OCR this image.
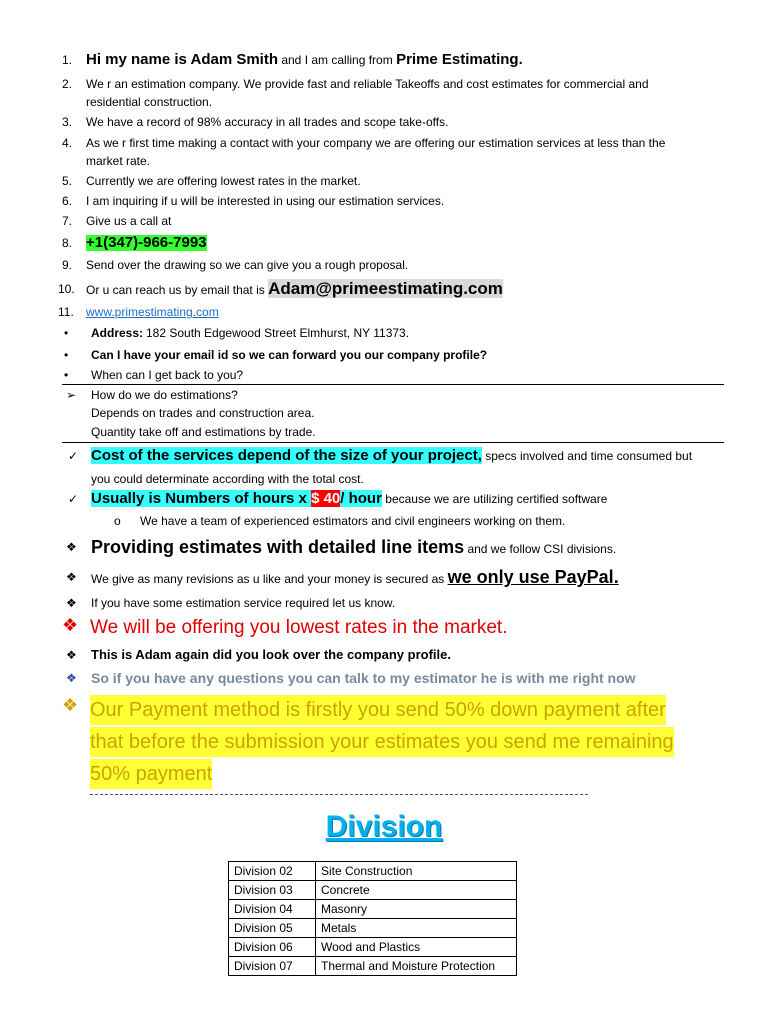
1. Hi my name is Adam Smith and I am calling from Prime Estimating.
2.	We r an estimation company. We provide fast and reliable Takeoffs and cost estimates for commercial and
residential construction.
3.	We have a record of 98% accuracy in all trades and scope take-offs.
4.	As we r first time making a contact with your company we are offering our estimation services at less than the
market rate.
5.	Currently we are offering lowest rates in the market.
6.	I am inquiring if u will be interested in using our estimation services.
7.	Give us a call at
8. +1(347)-966-7993
9.	Send over the drawing so we can give you a rough proposal.
10. Or u can reach us by email that is Adam@primeestimating.com
11.	www.primestimating.com
• Address: 182 South Edgewood Street Elmhurst, NY 11373.
• Can I have your email id so we can forward you our company profile?
• When can I get back to you?
➢ How do we do estimations?
Depends on trades and construction area.
Quantity take off and estimations by trade.
✓ Cost of the services depend of the size of your project, specs involved and time consumed but
you could determinate according with the total cost.
✓ Usually is Numbers of hours x $ 40/ hour because we are utilizing certified software
o We have a team of experienced estimators and civil engineers working on them.
❖ Providing estimates with detailed line items and we follow CSI divisions.
❖ We give as many revisions as u like and your money is secured as we only use PayPal.
❖ If you have some estimation service required let us know.
❖ We will be offering you lowest rates in the market.
❖ This is Adam again did you look over the company profile.
❖ So if you have any questions you can talk to my estimator he is with me right now
❖ Our Payment method is firstly you send 50% down payment after
that before the submission your estimates you send me remaining
50% payment
Division
Division 02	Site Construction
Division 03	Concrete
Division 04	Masonry
Division 05	Metals
Division 06	Wood and Plastics
Division 07	Thermal and Moisture Protection
